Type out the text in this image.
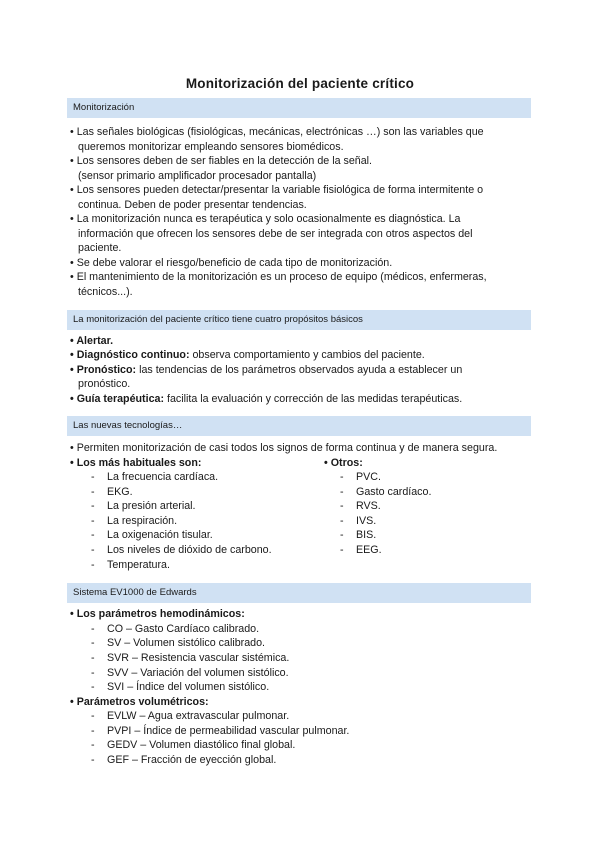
Monitorización del paciente crítico
Monitorización
• Las señales biológicas (fisiológicas, mecánicas, electrónicas …) son las variables que
queremos monitorizar empleando sensores biomédicos.
• Los sensores deben de ser fiables en la detección de la señal.
(sensor primario amplificador procesador pantalla)
• Los sensores pueden detectar/presentar la variable fisiológica de forma intermitente o
continua. Deben de poder presentar tendencias.
• La monitorización nunca es terapéutica y solo ocasionalmente es diagnóstica. La
información que ofrecen los sensores debe de ser integrada con otros aspectos del
paciente.
• Se debe valorar el riesgo/beneficio de cada tipo de monitorización.
• El mantenimiento de la monitorización es un proceso de equipo (médicos, enfermeras,
técnicos...).
La monitorización del paciente crítico tiene cuatro propósitos básicos
• Alertar.
• Diagnóstico continuo: observa comportamiento y cambios del paciente.
• Pronóstico: las tendencias de los parámetros observados ayuda a establecer un
pronóstico.
• Guía terapéutica: facilita la evaluación y corrección de las medidas terapéuticas.
Las nuevas tecnologías…
• Permiten monitorización de casi todos los signos de forma continua y de manera segura.
• Los más habituales son:	• Otros:
- La frecuencia cardíaca.
- EKG.
- La presión arterial.
- La respiración.
- La oxigenación tisular.
- Los niveles de dióxido de carbono.
- Temperatura.
- PVC.
- Gasto cardíaco.
- RVS.
- IVS.
- BIS.
- EEG.
Sistema EV1000 de Edwards
• Los parámetros hemodinámicos:
- CO – Gasto Cardíaco calibrado.
- SV – Volumen sistólico calibrado.
- SVR – Resistencia vascular sistémica.
- SVV – Variación del volumen sistólico.
- SVI – Índice del volumen sistólico.
• Parámetros volumétricos:
- EVLW – Agua extravascular pulmonar.
- PVPI – Índice de permeabilidad vascular pulmonar.
- GEDV – Volumen diastólico final global.
- GEF – Fracción de eyección global.
